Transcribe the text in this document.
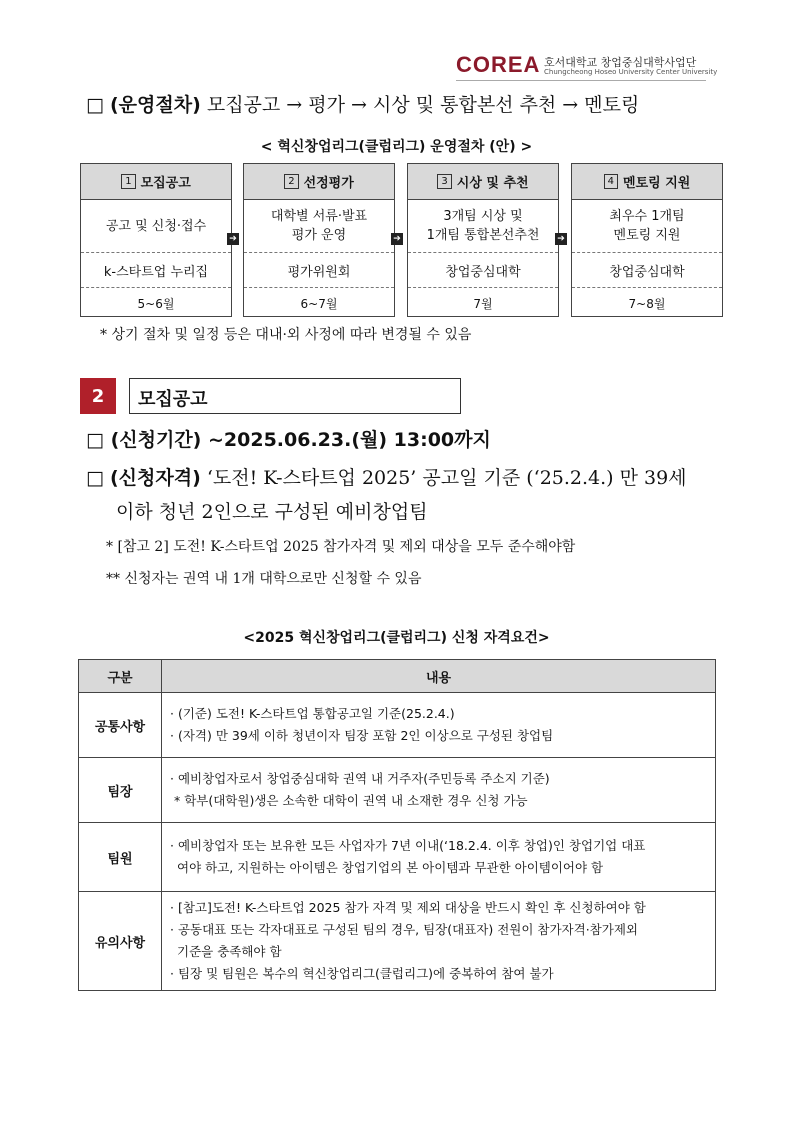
COREA 호서대학교 창업중심대학사업단
Chungcheong Hoseo University Center University
□ (운영절차) 모집공고 → 평가 → 시상 및 통합본선 추천 → 멘토링
< 혁신창업리그(클럽리그) 운영절차 (안) >
1 모집공고
공고 및 신청·접수
k-스타트업 누리집
5~6월
➔
2 선정평가
대학별 서류·발표
평가 운영
평가위원회
6~7월
➔
3 시상 및 추천
3개팀 시상 및
1개팀 통합본선추천
창업중심대학
7월
➔
4 멘토링 지원
최우수 1개팀
멘토링 지원
창업중심대학
7~8월
* 상기 절차 및 일정 등은 대내·외 사정에 따라 변경될 수 있음
2	모집공고
□ (신청기간) ~2025.06.23.(월) 13:00까지
□ (신청자격) ‘도전! K-스타트업 2025’ 공고일 기준 (‘25.2.4.) 만 39세
이하 청년 2인으로 구성된 예비창업팀
* [참고 2] 도전! K-스타트업 2025 참가자격 및 제외 대상을 모두 준수해야함
** 신청자는 권역 내 1개 대학으로만 신청할 수 있음
<2025 혁신창업리그(클럽리그) 신청 자격요건>
구분	내용
공통사항	· (기준) 도전! K-스타트업 통합공고일 기준(25.2.4.)
· (자격) 만 39세 이하 청년이자 팀장 포함 2인 이상으로 구성된 창업팀

팀장	· 예비창업자로서 창업중심대학 권역 내 거주자(주민등록 주소지 기준)
* 학부(대학원)생은 소속한 대학이 권역 내 소재한 경우 신청 가능

팀원	· 예비창업자 또는 보유한 모든 사업자가 7년 이내(‘18.2.4. 이후 창업)인 창업기업 대표
여야 하고, 지원하는 아이템은 창업기업의 본 아이템과 무관한 아이템이어야 함

유의사항	· [참고]도전! K-스타트업 2025 참가 자격 및 제외 대상을 반드시 확인 후 신청하여야 함
· 공동대표 또는 각자대표로 구성된 팀의 경우, 팀장(대표자) 전원이 참가자격·참가제외
기준을 충족해야 함
· 팀장 및 팀원은 복수의 혁신창업리그(클럽리그)에 중복하여 참여 불가
